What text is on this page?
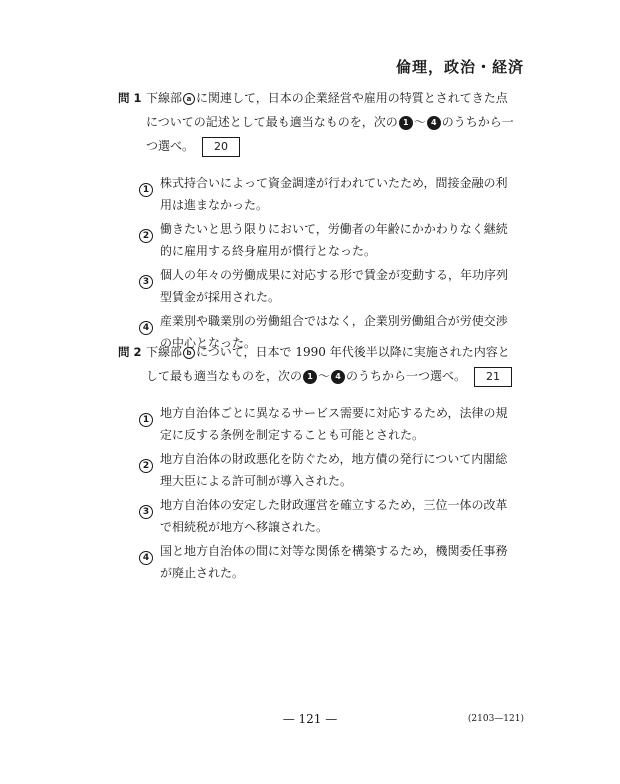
倫理，政治・経済
問 1 下線部 a に関連して，日本の企業経営や雇用の特質とされてきた点についての記述として最も適当なものを，次の 1 ～ 4 のうちから一つ選べ。 20
1 株式持合いによって資金調達が行われていたため，間接金融の利用は進まなかった。
2 働きたいと思う限りにおいて，労働者の年齢にかかわりなく継続的に雇用する終身雇用が慣行となった。
3 個人の年々の労働成果に対応する形で賃金が変動する，年功序列型賃金が採用された。
4 産業別や職業別の労働組合ではなく，企業別労働組合が労使交渉の中心となった。
問 2 下線部 b について，日本で 1990 年代後半以降に実施された内容として最も適当なものを，次の 1 ～ 4 のうちから一つ選べ。 21
1 地方自治体ごとに異なるサービス需要に対応するため，法律の規定に反する条例を制定することも可能とされた。
2 地方自治体の財政悪化を防ぐため，地方債の発行について内閣総理大臣による許可制が導入された。
3 地方自治体の安定した財政運営を確立するため，三位一体の改革で相続税が地方へ移譲された。
4 国と地方自治体の間に対等な関係を構築するため，機関委任事務が廃止された。
— 121 —	(2103—121)
